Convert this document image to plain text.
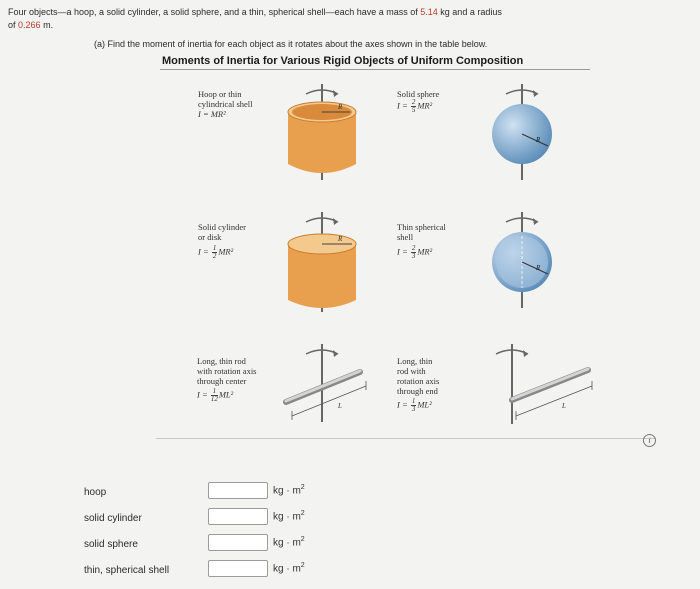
Four objects—a hoop, a solid cylinder, a solid sphere, and a thin, spherical shell—each have a mass of 5.14 kg and a radius
of 0.266 m.
(a) Find the moment of inertia for each object as it rotates about the axes shown in the table below.
Moments of Inertia for Various Rigid Objects of Uniform Composition
Hoop or thin
cylindrical shell
I = MR²
R
Solid sphere
$I = \frac{2}{5} MR^2$
R
Solid cylinder
or disk
$I = \frac{1}{2} MR^2$
R
Thin spherical
shell
$I = \frac{2}{3} MR^2$
R
Long, thin rod
with rotation axis
through center
$I = \frac{1}{12} ML^2$
L
Long, thin
rod with
rotation axis
through end
$I = \frac{1}{3} ML^2$	L
i
hoop	kg · $m^2$
solid cylinder	kg · $m^2$
solid sphere	kg · $m^2$
thin, spherical shell	kg · $m^2$
